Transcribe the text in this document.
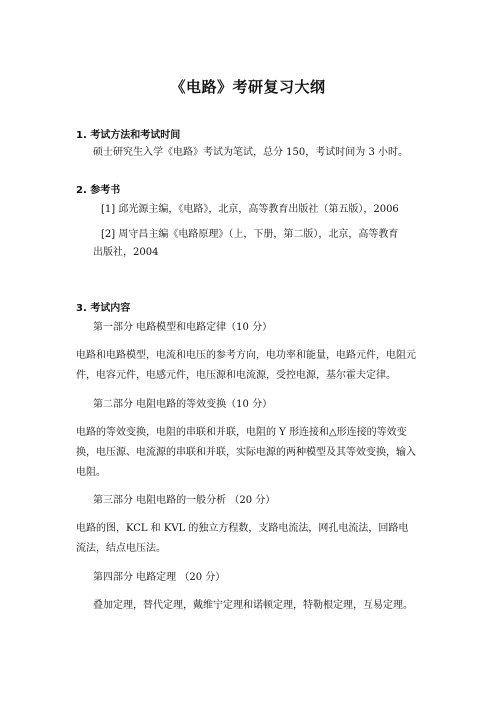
《电路》考研复习大纲
1. 考试方法和考试时间
硕士研究生入学《电路》考试为笔试，总分 150，考试时间为 3 小时。
2. 参考书
[1] 邱光源主编，《电路》，北京，高等教育出版社（第五版），2006
[2] 周守昌主编《电路原理》（上，下册，第二版），北京，高等教育
出版社，2004
3. 考试内容
第一部分 电路模型和电路定律（10 分）
电路和电路模型，电流和电压的参考方向，电功率和能量，电路元件，电阻元件，电容元件，电感元件，电压源和电流源，受控电源，基尔霍夫定律。
第二部分 电阻电路的等效变换（10 分）
电路的等效变换，电阻的串联和并联，电阻的 Y 形连接和△形连接的等效变换，电压源、电流源的串联和并联，实际电源的两种模型及其等效变换，输入电阻。
第三部分 电阻电路的一般分析 （20 分）
电路的图，KCL 和 KVL 的独立方程数，支路电流法，网孔电流法，回路电流法，结点电压法。
第四部分 电路定理 （20 分）
叠加定理，替代定理，戴维宁定理和诺顿定理，特勒根定理，互易定理。
